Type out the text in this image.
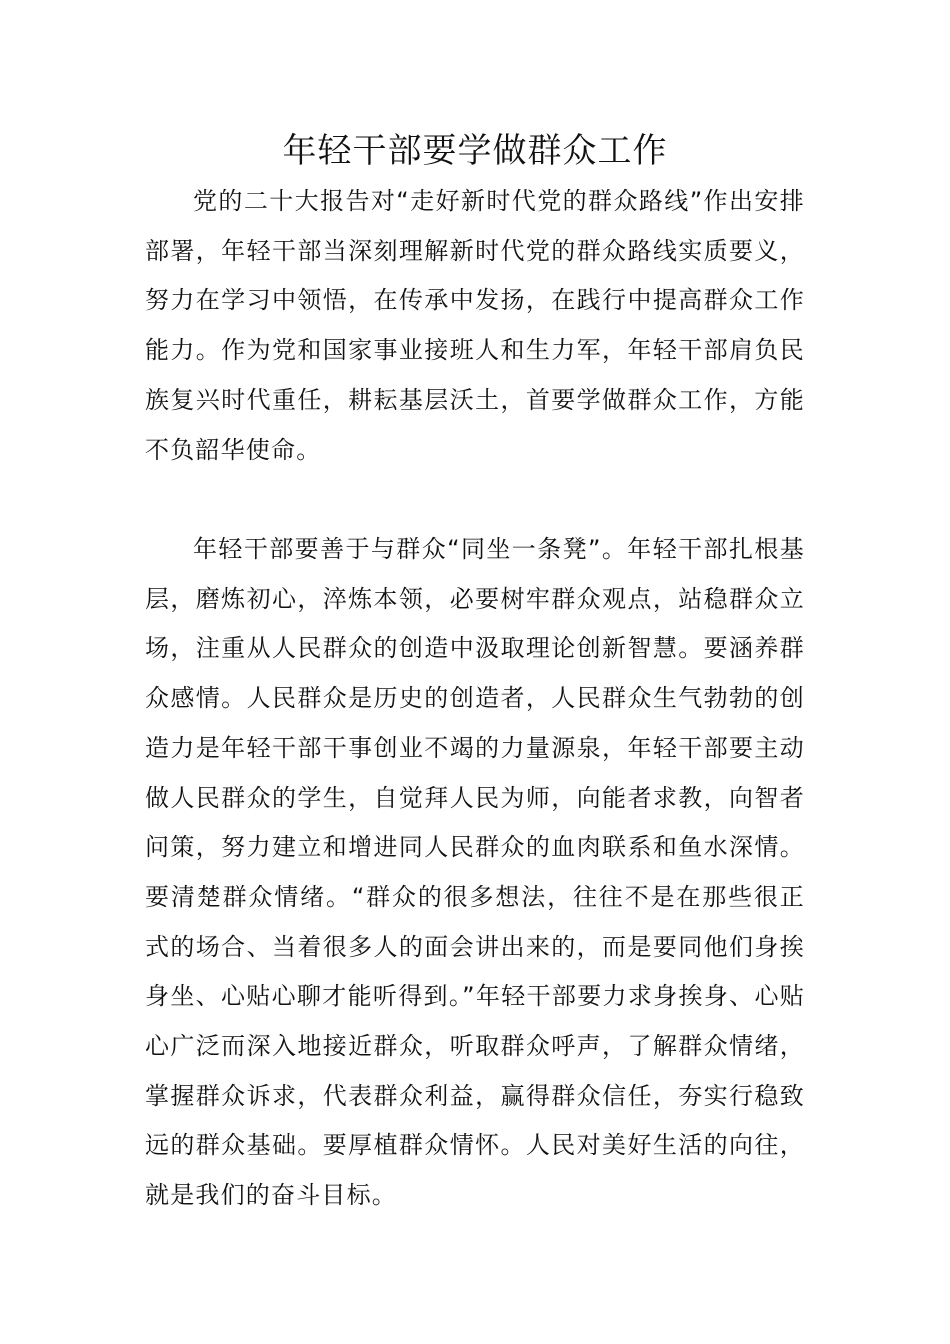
年轻干部要学做群众工作

党的二十大报告对“走好新时代党的群众路线”作出安排部署，年轻干部当深刻理解新时代党的群众路线实质要义，努力在学习中领悟，在传承中发扬，在践行中提高群众工作能力。作为党和国家事业接班人和生力军，年轻干部肩负民族复兴时代重任，耕耘基层沃土，首要学做群众工作，方能不负韶华使命。

年轻干部要善于与群众“同坐一条凳”。年轻干部扎根基层，磨炼初心，淬炼本领，必要树牢群众观点，站稳群众立场，注重从人民群众的创造中汲取理论创新智慧。要涵养群众感情。人民群众是历史的创造者，人民群众生气勃勃的创造力是年轻干部干事创业不竭的力量源泉，年轻干部要主动做人民群众的学生，自觉拜人民为师，向能者求教，向智者问策，努力建立和增进同人民群众的血肉联系和鱼水深情。要清楚群众情绪。“群众的很多想法，往往不是在那些很正式的场合、当着很多人的面会讲出来的，而是要同他们身挨身坐、心贴心聊才能听得到。”年轻干部要力求身挨身、心贴心广泛而深入地接近群众，听取群众呼声，了解群众情绪，掌握群众诉求，代表群众利益，赢得群众信任，夯实行稳致远的群众基础。要厚植群众情怀。人民对美好生活的向往，就是我们的奋斗目标。
